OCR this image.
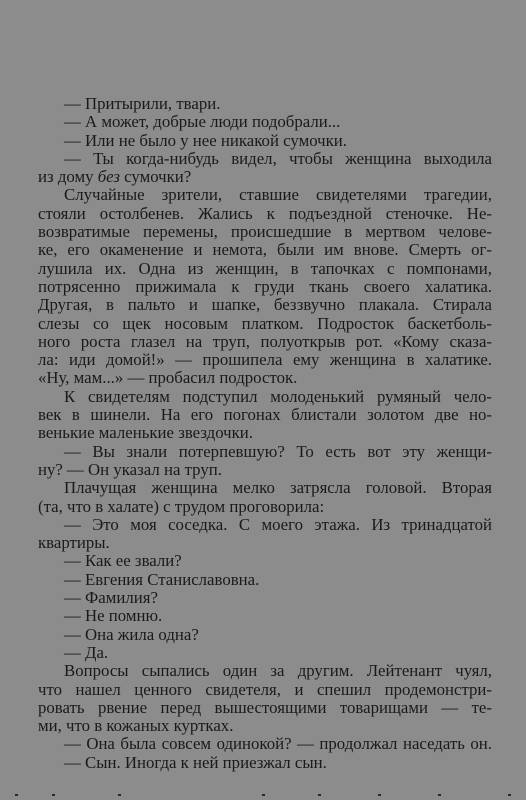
— Притырили, твари.
— А может, добрые люди подобрали...
— Или не было у нее никакой сумочки.
— Ты когда-нибудь видел, чтобы женщина выходила
из дому без сумочки?
Случайные зрители, ставшие свидетелями трагедии,
стояли остолбенев. Жались к подъездной стеночке. Не-
возвратимые перемены, происшедшие в мертвом челове-
ке, его окаменение и немота, были им внове. Смерть ог-
лушила их. Одна из женщин, в тапочках с помпонами,
потрясенно прижимала к груди ткань своего халатика.
Другая, в пальто и шапке, беззвучно плакала. Стирала
слезы со щек носовым платком. Подросток баскетболь-
ного роста глазел на труп, полуоткрыв рот. «Кому сказа-
ла: иди домой!» — прошипела ему женщина в халатике.
«Ну, мам...» — пробасил подросток.
К свидетелям подступил молоденький румяный чело-
век в шинели. На его погонах блистали золотом две но-
венькие маленькие звездочки.
— Вы знали потерпевшую? То есть вот эту женщи-
ну? — Он указал на труп.
Плачущая женщина мелко затрясла головой. Вторая
(та, что в халате) с трудом проговорила:
— Это моя соседка. С моего этажа. Из тринадцатой
квартиры.
— Как ее звали?
— Евгения Станиславовна.
— Фамилия?
— Не помню.
— Она жила одна?
— Да.
Вопросы сыпались один за другим. Лейтенант чуял,
что нашел ценного свидетеля, и спешил продемонстри-
ровать рвение перед вышестоящими товарищами — те-
ми, что в кожаных куртках.
— Она была совсем одинокой? — продолжал наседать он.
— Сын. Иногда к ней приезжал сын.
